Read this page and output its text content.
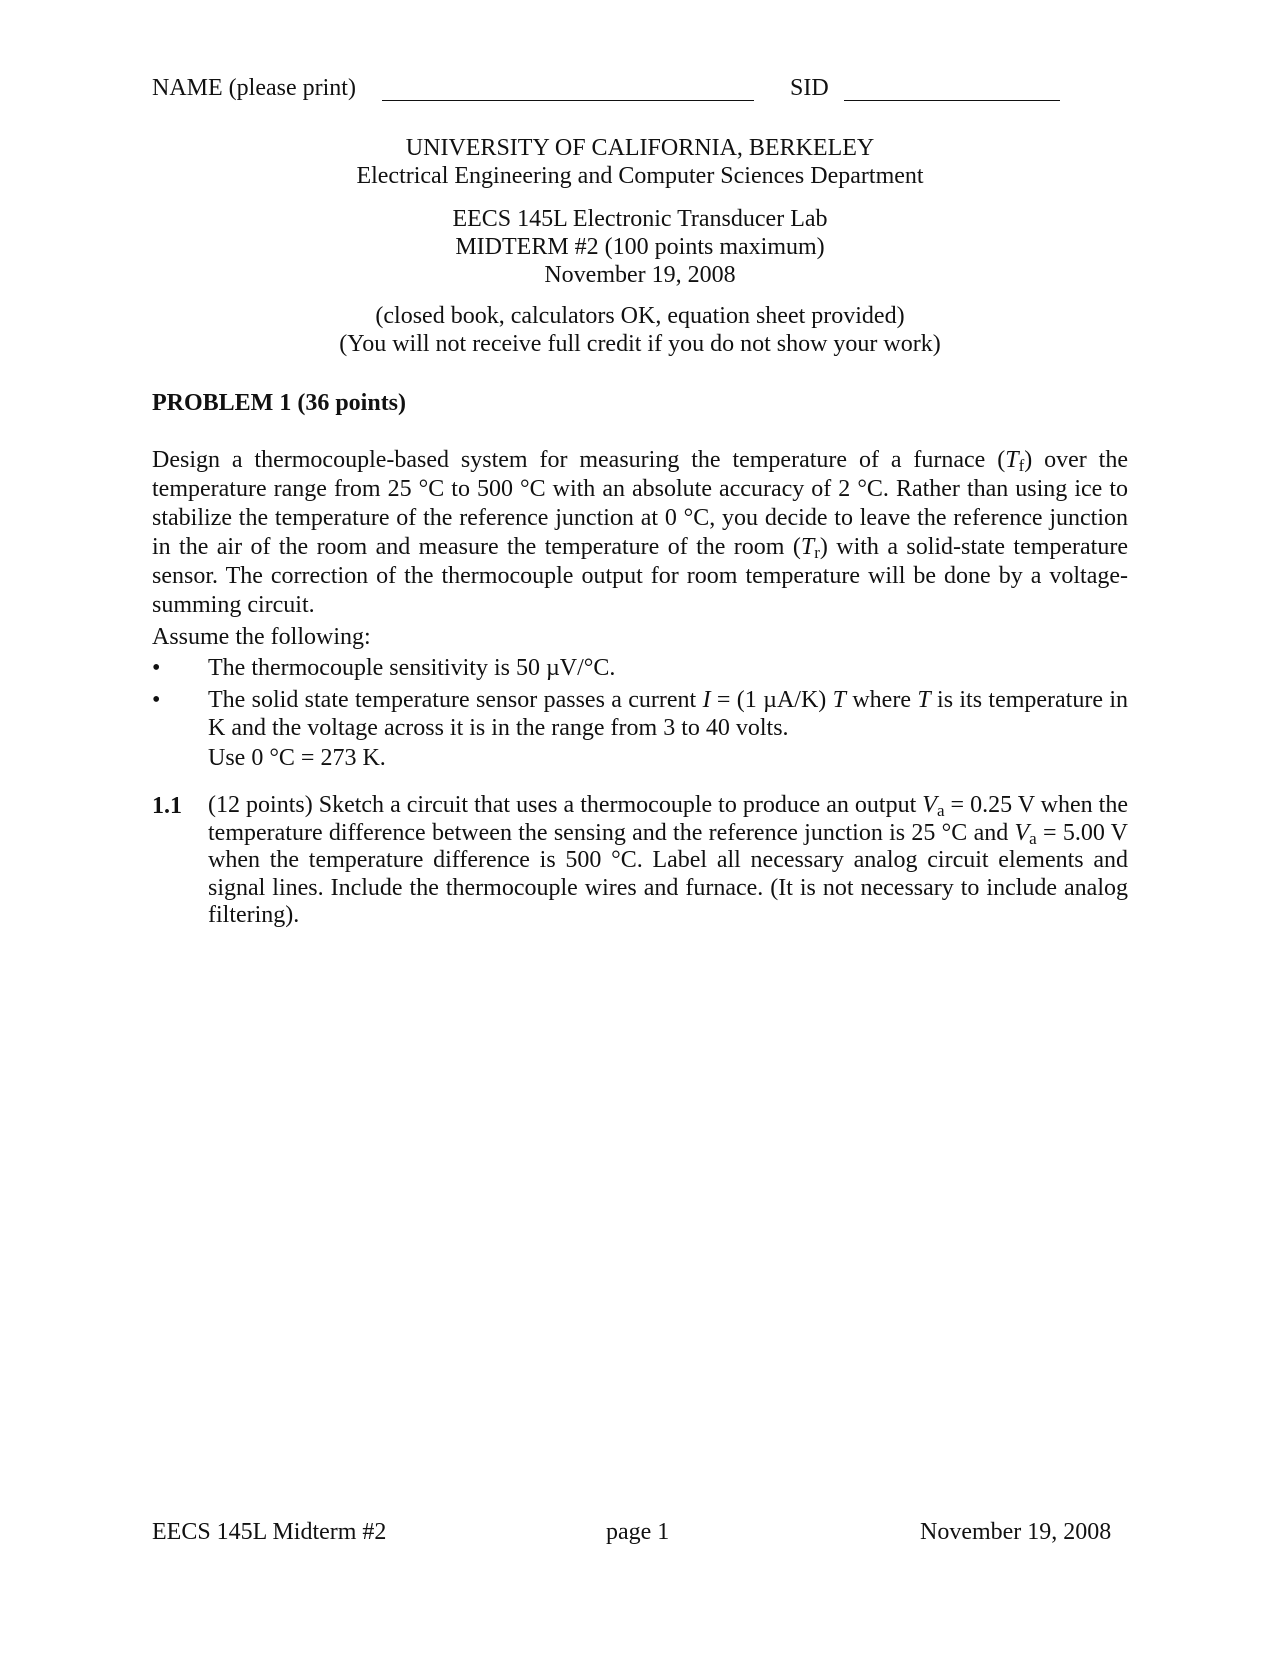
NAME (please print)	SID
UNIVERSITY OF CALIFORNIA, BERKELEY
Electrical Engineering and Computer Sciences Department
EECS 145L Electronic Transducer Lab
MIDTERM #2 (100 points maximum)
November 19, 2008
(closed book, calculators OK, equation sheet provided)
(You will not receive full credit if you do not show your work)
PROBLEM 1 (36 points)
Design a thermocouple-based system for measuring the temperature of a furnace $(T_f)$ over the temperature range from 25 °C to 500 °C with an absolute accuracy of 2 °C. Rather than using ice to stabilize the temperature of the reference junction at 0 °C, you decide to leave the reference junction in the air of the room and measure the temperature of the room $(T_r)$ with a solid-state temperature sensor. The correction of the thermocouple output for room temperature will be done by a voltage-summing circuit.
Assume the following:
• The thermocouple sensitivity is 50 µV/°C.
• The solid state temperature sensor passes a current I = (1 µA/K) T where T is its temperature in K and the voltage across it is in the range from 3 to 40 volts.
Use 0 °C = 273 K.
1.1 (12 points) Sketch a circuit that uses a thermocouple to produce an output $V_a = 0.25$ V when the temperature difference between the sensing and the reference junction is 25 °C and $V_a = 5.00$ V when the temperature difference is 500 °C. Label all necessary analog circuit elements and signal lines. Include the thermocouple wires and furnace. (It is not necessary to include analog filtering).
EECS 145L Midterm #2	page 1	November 19, 2008
